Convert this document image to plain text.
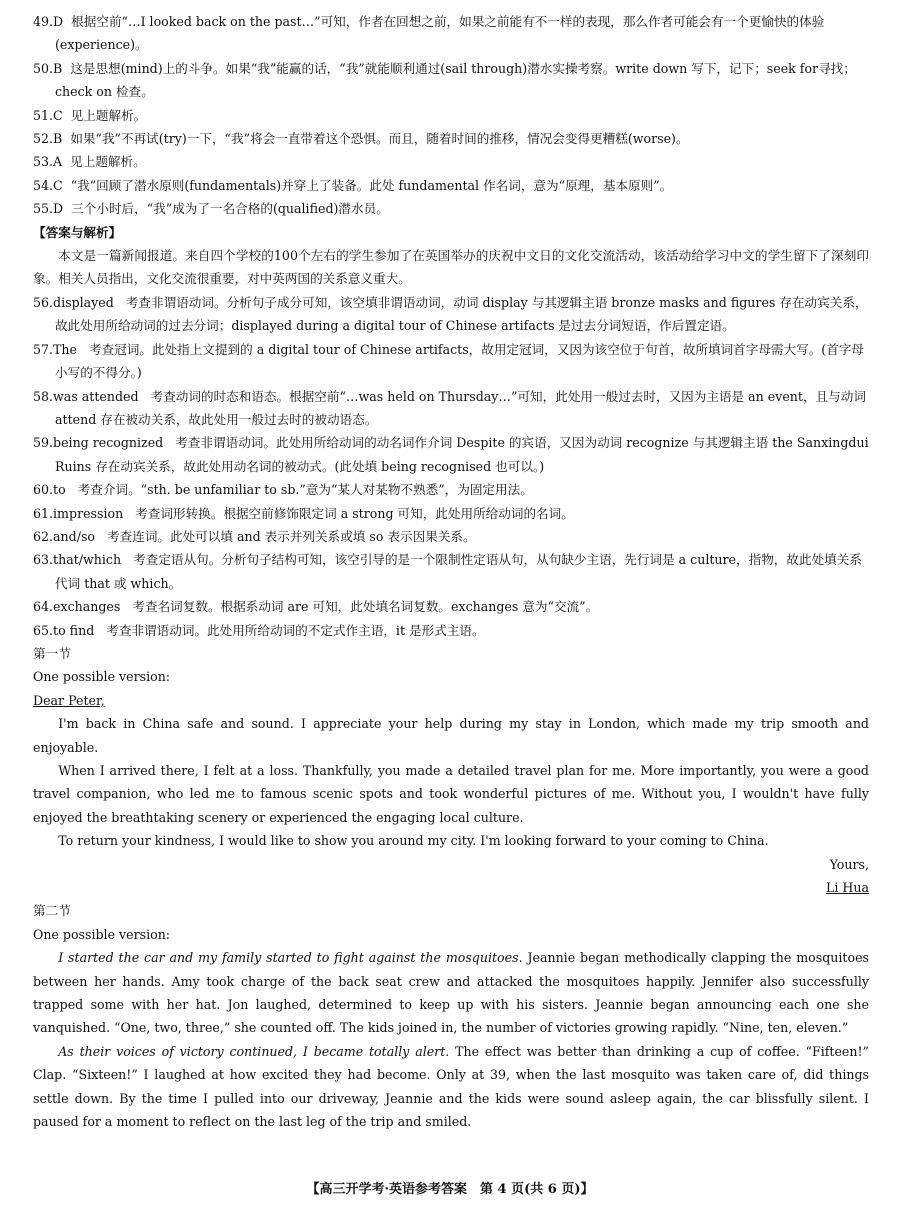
49.D 根据空前“…I looked back on the past…”可知，作者在回想之前，如果之前能有不一样的表现，那么作者可能会有一个更愉快的体验(experience)。
50.B 这是思想(mind)上的斗争。如果“我”能赢的话，“我”就能顺利通过(sail through)潜水实操考察。write down 写下，记下；seek for寻找；check on 检查。
51.C 见上题解析。
52.B 如果“我”不再试(try)一下，“我”将会一直带着这个恐惧。而且，随着时间的推移，情况会变得更糟糕(worse)。
53.A 见上题解析。
54.C “我”回顾了潜水原则(fundamentals)并穿上了装备。此处 fundamental 作名词，意为“原理，基本原则”。
55.D 三个小时后，“我”成为了一名合格的(qualified)潜水员。
【答案与解析】
本文是一篇新闻报道。来自四个学校的100个左右的学生参加了在英国举办的庆祝中文日的文化交流活动，该活动给学习中文的学生留下了深刻印象。相关人员指出，文化交流很重要，对中英两国的关系意义重大。
56.displayed 考查非谓语动词。分析句子成分可知，该空填非谓语动词，动词 display 与其逻辑主语 bronze masks and figures 存在动宾关系，故此处用所给动词的过去分词；displayed during a digital tour of Chinese artifacts 是过去分词短语，作后置定语。
57.The 考查冠词。此处指上文提到的 a digital tour of Chinese artifacts，故用定冠词，又因为该空位于句首，故所填词首字母需大写。(首字母小写的不得分。)
58.was attended 考查动词的时态和语态。根据空前“…was held on Thursday…”可知，此处用一般过去时，又因为主语是 an event，且与动词 attend 存在被动关系，故此处用一般过去时的被动语态。
59.being recognized 考查非谓语动词。此处用所给动词的动名词作介词 Despite 的宾语，又因为动词 recognize 与其逻辑主语 the Sanxingdui Ruins 存在动宾关系，故此处用动名词的被动式。(此处填 being recognised 也可以。)
60.to 考查介词。“sth. be unfamiliar to sb.”意为“某人对某物不熟悉”，为固定用法。
61.impression 考查词形转换。根据空前修饰限定词 a strong 可知，此处用所给动词的名词。
62.and/so 考查连词。此处可以填 and 表示并列关系或填 so 表示因果关系。
63.that/which 考查定语从句。分析句子结构可知，该空引导的是一个限制性定语从句，从句缺少主语，先行词是 a culture，指物，故此处填关系代词 that 或 which。
64.exchanges 考查名词复数。根据系动词 are 可知，此处填名词复数。exchanges 意为“交流”。
65.to find 考查非谓语动词。此处用所给动词的不定式作主语，it 是形式主语。
第一节
One possible version:
Dear Peter,
I'm back in China safe and sound. I appreciate your help during my stay in London, which made my trip smooth and enjoyable.
When I arrived there, I felt at a loss. Thankfully, you made a detailed travel plan for me. More importantly, you were a good travel companion, who led me to famous scenic spots and took wonderful pictures of me. Without you, I wouldn't have fully enjoyed the breathtaking scenery or experienced the engaging local culture.
To return your kindness, I would like to show you around my city. I'm looking forward to your coming to China.
Yours,
Li Hua
第二节
One possible version:
I started the car and my family started to fight against the mosquitoes. Jeannie began methodically clapping the mosquitoes between her hands. Amy took charge of the back seat crew and attacked the mosquitoes happily. Jennifer also successfully trapped some with her hat. Jon laughed, determined to keep up with his sisters. Jeannie began announcing each one she vanquished. “One, two, three,” she counted off. The kids joined in, the number of victories growing rapidly. “Nine, ten, eleven.”
As their voices of victory continued, I became totally alert. The effect was better than drinking a cup of coffee. “Fifteen!” Clap. “Sixteen!” I laughed at how excited they had become. Only at 39, when the last mosquito was taken care of, did things settle down. By the time I pulled into our driveway, Jeannie and the kids were sound asleep again, the car blissfully silent. I paused for a moment to reflect on the last leg of the trip and smiled.
【高三开学考·英语参考答案　第 4 页(共 6 页)】
